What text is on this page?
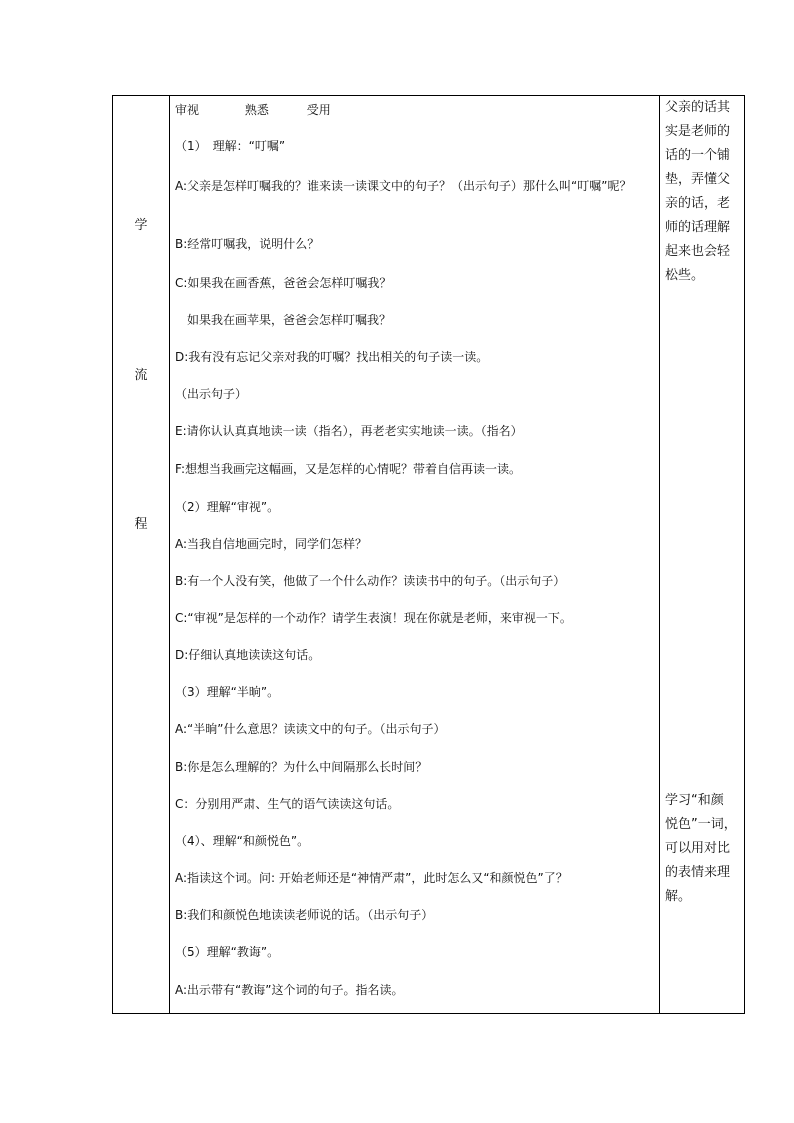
学
流
程
审视	熟悉	受用
（1）　理解：“叮嘱”
A:父亲是怎样叮嘱我的？谁来读一读课文中的句子？（出示句子）那什么叫“叮嘱”呢？
B:经常叮嘱我，说明什么？
C:如果我在画香蕉，爸爸会怎样叮嘱我？
　如果我在画苹果，爸爸会怎样叮嘱我？
D:我有没有忘记父亲对我的叮嘱？找出相关的句子读一读。
（出示句子）
E:请你认认真真地读一读（指名），再老老实实地读一读。（指名）
F:想想当我画完这幅画，又是怎样的心情呢？带着自信再读一读。
（2）理解“审视”。
A:当我自信地画完时，同学们怎样？
B:有一个人没有笑，他做了一个什么动作？读读书中的句子。（出示句子）
C:“审视”是怎样的一个动作？请学生表演！现在你就是老师，来审视一下。
D:仔细认真地读读这句话。
（3）理解“半晌”。
A:“半晌”什么意思？读读文中的句子。（出示句子）
B:你是怎么理解的？为什么中间隔那么长时间？
C：分别用严肃、生气的语气读读这句话。
（4）、理解“和颜悦色”。
A:指读这个词。问: 开始老师还是“神情严肃”，此时怎么又“和颜悦色”了？
B:我们和颜悦色地读读老师说的话。（出示句子）
（5）理解“教诲”。
A:出示带有“教诲”这个词的句子。指名读。
父亲的话其
实是老师的
话的一个铺
垫，弄懂父
亲的话，老
师的话理解
起来也会轻
松些。
学习“和颜
悦色”一词，
可以用对比
的表情来理
解。
